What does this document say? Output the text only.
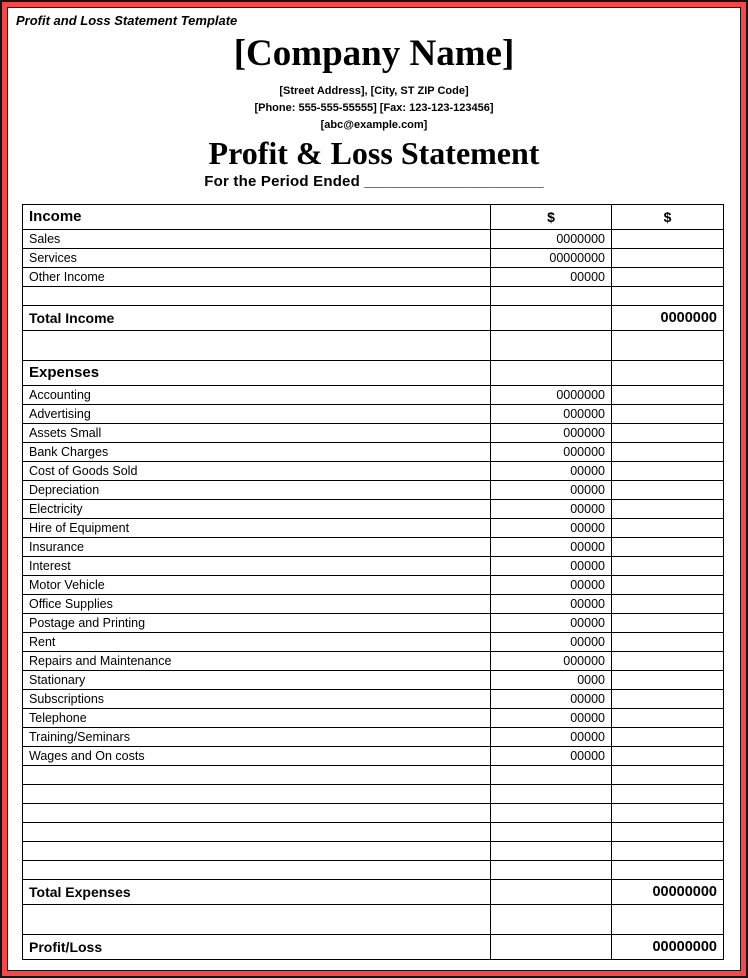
Profit and Loss Statement Template
[Company Name]
[Street Address], [City, ST ZIP Code]
[Phone: 555-555-55555] [Fax: 123-123-123456]
[abc@example.com]
Profit & Loss Statement
For the Period Ended _____________________
Income	$	$
Sales	0000000	
Services	00000000	
Other Income	00000	

Total Income		0000000

Expenses		
Accounting	0000000	
Advertising	000000	
Assets Small	000000	
Bank Charges	000000	
Cost of Goods Sold	00000	
Depreciation	00000	
Electricity	00000	
Hire of Equipment	00000	
Insurance	00000	
Interest	00000	
Motor Vehicle	00000	
Office Supplies	00000	
Postage and Printing	00000	
Rent	00000	
Repairs and Maintenance	000000	
Stationary	0000	
Subscriptions	00000	
Telephone	00000	
Training/Seminars	00000	
Wages and On costs	00000	

Total Expenses		00000000

Profit/Loss		00000000
